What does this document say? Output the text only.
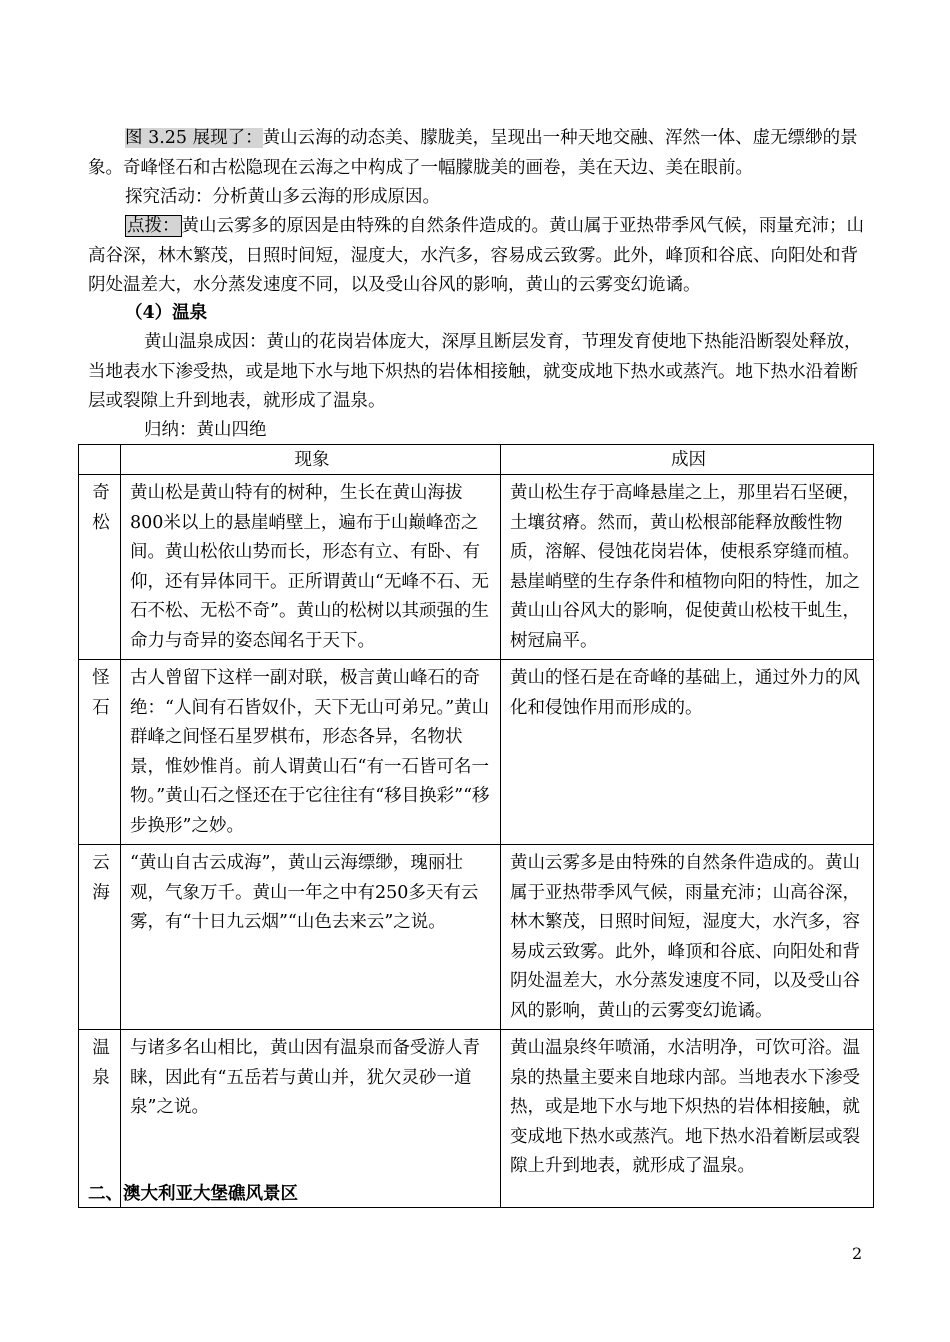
图 3.25 展现了：黄山云海的动态美、朦胧美，呈现出一种天地交融、浑然一体、虚无缥缈的景象。奇峰怪石和古松隐现在云海之中构成了一幅朦胧美的画卷，美在天边、美在眼前。

探究活动：分析黄山多云海的形成原因。

点拨： 黄山云雾多的原因是由特殊的自然条件造成的。黄山属于亚热带季风气候，雨量充沛；山高谷深，林木繁茂，日照时间短，湿度大，水汽多，容易成云致雾。此外，峰顶和谷底、向阳处和背阴处温差大，水分蒸发速度不同，以及受山谷风的影响，黄山的云雾变幻诡谲。

（4）温泉

黄山温泉成因：黄山的花岗岩体庞大，深厚且断层发育，节理发育使地下热能沿断裂处释放，当地表水下渗受热，或是地下水与地下炽热的岩体相接触，就变成地下热水或蒸汽。地下热水沿着断层或裂隙上升到地表，就形成了温泉。

归纳：黄山四绝

	现象	成因

奇
松	黄山松是黄山特有的树种，生长在黄山海拔800米以上的悬崖峭壁上，遍布于山巅峰峦之间。黄山松依山势而长，形态有立、有卧、有仰，还有异体同干。正所谓黄山“无峰不石、无石不松、无松不奇”。黄山的松树以其顽强的生命力与奇异的姿态闻名于天下。	黄山松生存于高峰悬崖之上，那里岩石坚硬，土壤贫瘠。然而，黄山松根部能释放酸性物质，溶解、侵蚀花岗岩体，使根系穿缝而植。悬崖峭壁的生存条件和植物向阳的特性，加之黄山山谷风大的影响，促使黄山松枝干虬生，树冠扁平。

怪
石	古人曾留下这样一副对联，极言黄山峰石的奇绝：“人间有石皆奴仆，天下无山可弟兄。”黄山群峰之间怪石星罗棋布，形态各异，名物状景，惟妙惟肖。前人谓黄山石“有一石皆可名一物。”黄山石之怪还在于它往往有“移目换彩”“移步换形”之妙。	黄山的怪石是在奇峰的基础上，通过外力的风化和侵蚀作用而形成的。

云
海	“黄山自古云成海”，黄山云海缥缈，瑰丽壮观，气象万千。黄山一年之中有250多天有云雾，有“十日九云烟”“山色去来云”之说。	黄山云雾多是由特殊的自然条件造成的。黄山属于亚热带季风气候，雨量充沛；山高谷深，林木繁茂，日照时间短，湿度大，水汽多，容易成云致雾。此外，峰顶和谷底、向阳处和背阴处温差大，水分蒸发速度不同，以及受山谷风的影响，黄山的云雾变幻诡谲。

温
泉	与诸多名山相比，黄山因有温泉而备受游人青睐，因此有“五岳若与黄山并，犹欠灵砂一道泉”之说。	黄山温泉终年喷涌，水洁明净，可饮可浴。温泉的热量主要来自地球内部。当地表水下渗受热，或是地下水与地下炽热的岩体相接触，就变成地下热水或蒸汽。地下热水沿着断层或裂隙上升到地表，就形成了温泉。

二、澳大利亚大堡礁风景区

2
